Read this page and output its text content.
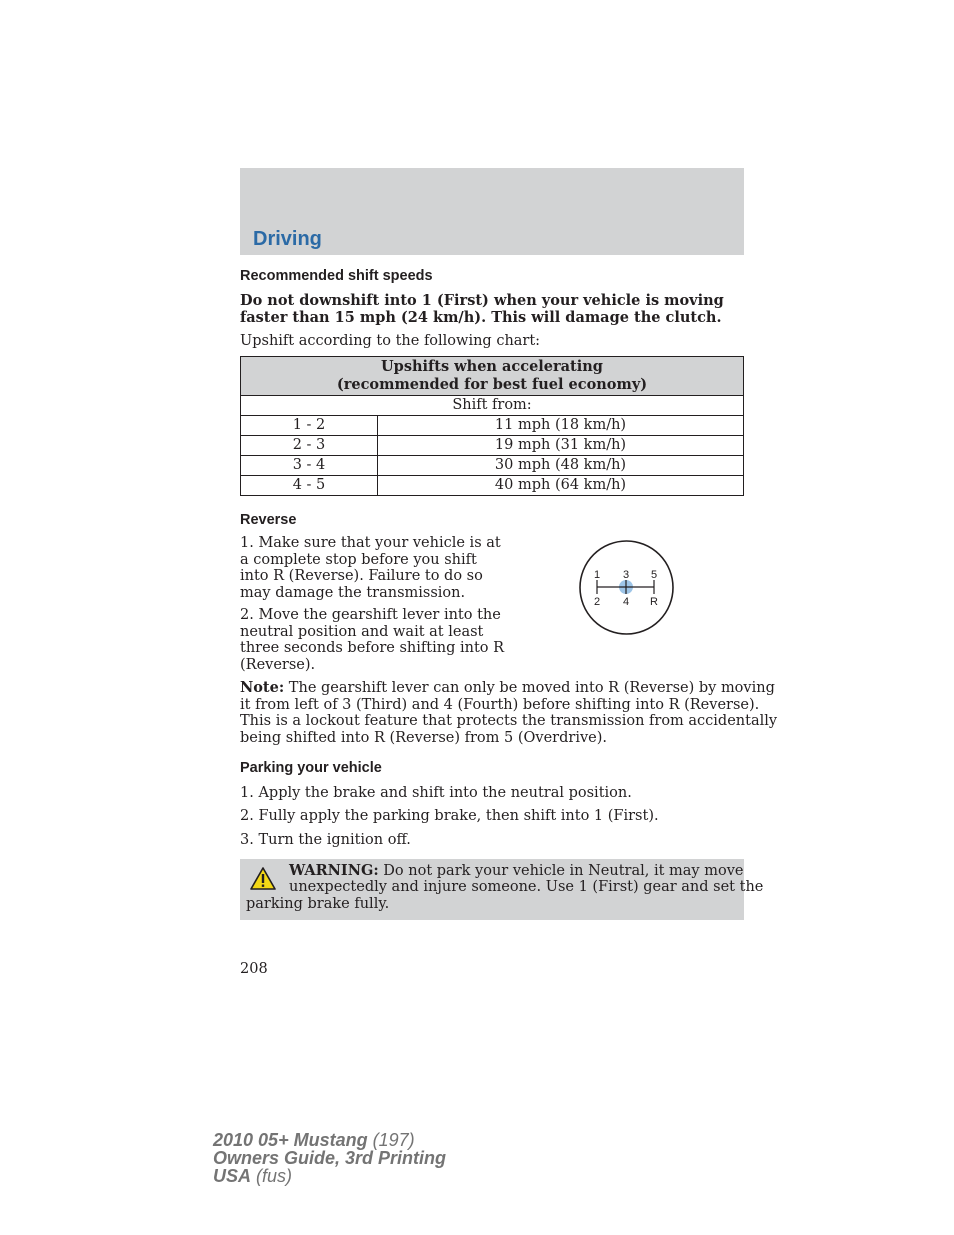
Driving
Recommended shift speeds
Do not downshift into 1 (First) when your vehicle is moving
faster than 15 mph (24 km/h). This will damage the clutch.
Upshift according to the following chart:
Upshifts when accelerating
(recommended for best fuel economy)	

Shift from:	
1 - 2	11 mph (18 km/h)
2 - 3	19 mph (31 km/h)
3 - 4	30 mph (48 km/h)
4 - 5	40 mph (64 km/h)
Reverse
1. Make sure that your vehicle is at
a complete stop before you shift
into R (Reverse). Failure to do so
may damage the transmission.
2. Move the gearshift lever into the
neutral position and wait at least
three seconds before shifting into R
(Reverse).
1 3 5
2 4 R
Note: The gearshift lever can only be moved into R (Reverse) by moving
it from left of 3 (Third) and 4 (Fourth) before shifting into R (Reverse).
This is a lockout feature that protects the transmission from accidentally
being shifted into R (Reverse) from 5 (Overdrive).
Parking your vehicle
1. Apply the brake and shift into the neutral position.
2. Fully apply the parking brake, then shift into 1 (First).
3. Turn the ignition off.
WARNING: Do not park your vehicle in Neutral, it may move
unexpectedly and injure someone. Use 1 (First) gear and set the
parking brake fully.
208
2010 05+ Mustang (197)
Owners Guide, 3rd Printing
USA (fus)
